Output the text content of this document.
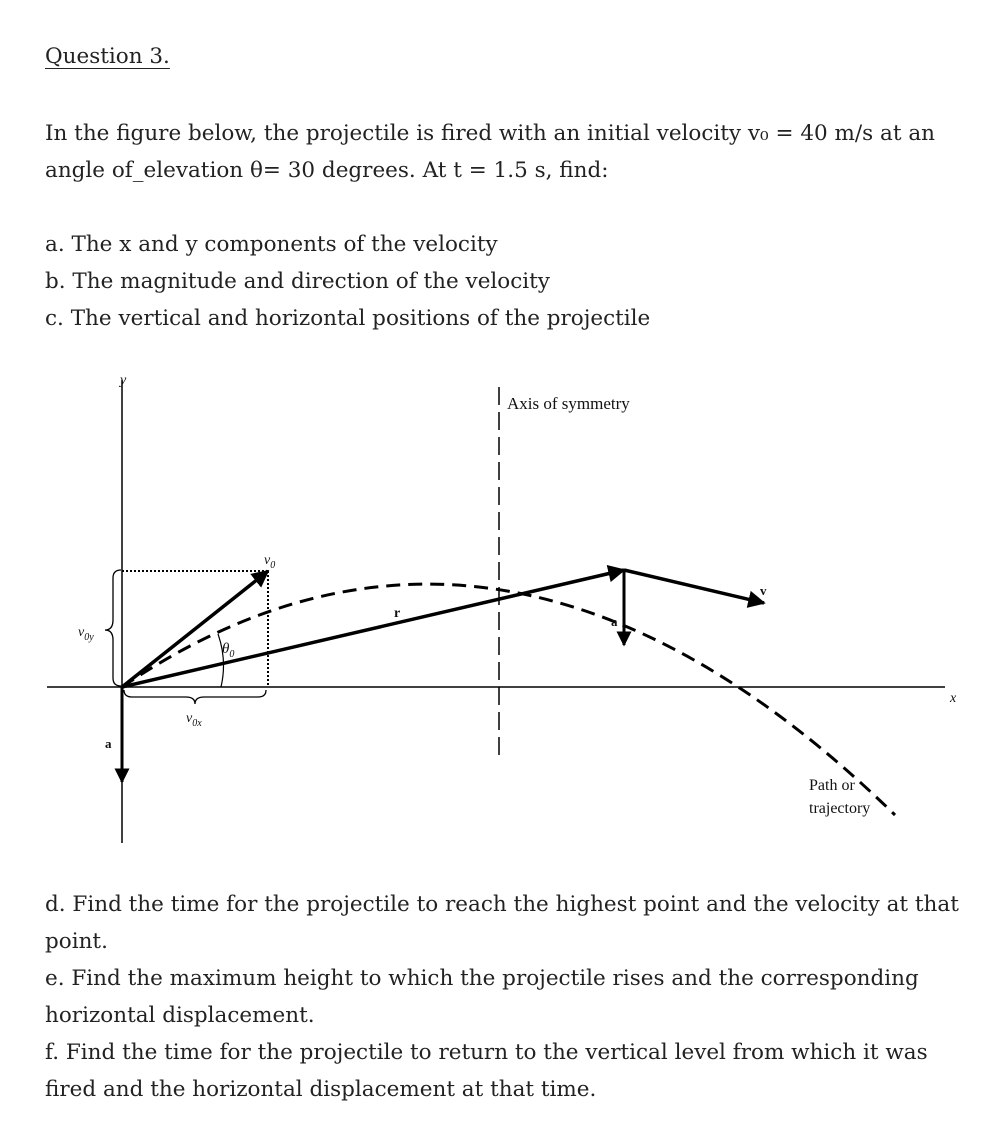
Question 3.
In the figure below, the projectile is fired with an initial velocity v₀ = 40 m/s at an
angle of_elevation θ= 30 degrees. At t = 1.5 s, find:
a. The x and y components of the velocity
b. The magnitude and direction of the velocity
c. The vertical and horizontal positions of the projectile
y
x
Axis of symmetry
$v_0$
$v_{0y}$
$v_{0x}$
$\theta_0$
r
a
a
v
Path or
trajectory
d. Find the time for the projectile to reach the highest point and the velocity at that
point.
e. Find the maximum height to which the projectile rises and the corresponding
horizontal displacement.
f. Find the time for the projectile to return to the vertical level from which it was
fired and the horizontal displacement at that time.
